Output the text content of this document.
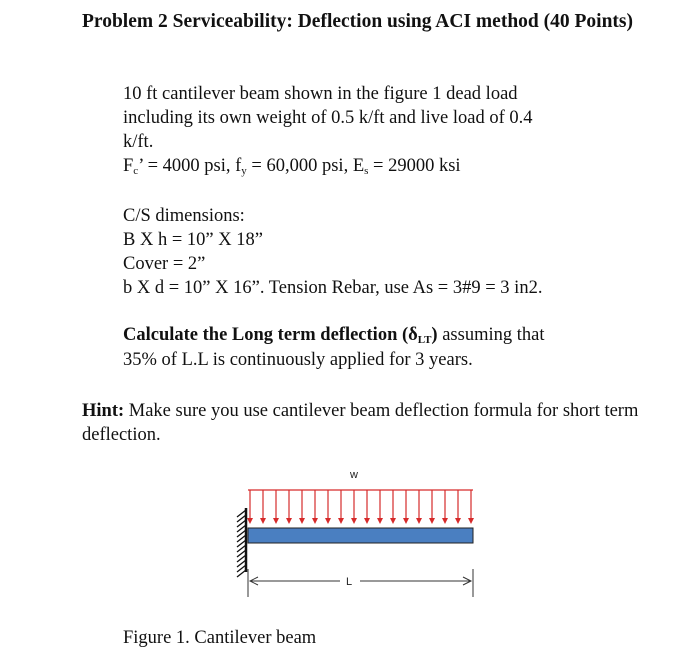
Problem 2 Serviceability: Deflection using ACI method (40 Points)
10 ft cantilever beam shown in the figure 1 dead load
including its own weight of 0.5 k/ft and live load of 0.4
k/ft.
$F_c$’ = 4000 psi, $f_y = 60,000$ psi, $E_s = 29000$ ksi
C/S dimensions:
B X h = 10” X 18”
Cover = 2”
b X d = 10” X 16”. Tension Rebar, use As = 3#9 = 3 in2.
Calculate the Long term deflection $(\delta_{LT})$ assuming that
35% of L.L is continuously applied for 3 years.
Hint: Make sure you use cantilever beam deflection formula for short term deflection.
w
L
Figure 1. Cantilever beam
